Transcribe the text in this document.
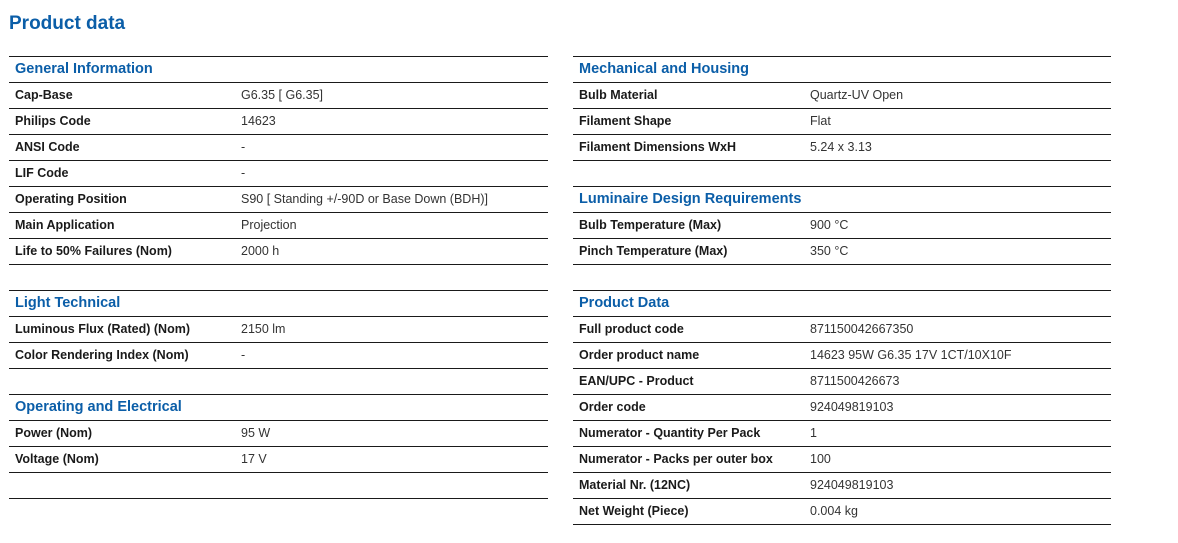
Product data
General Information
Cap-Base	G6.35 [ G6.35]
Philips Code	14623
ANSI Code	-
LIF Code	-
Operating Position	S90 [ Standing +/-90D or Base Down (BDH)]
Main Application	Projection
Life to 50% Failures (Nom)	2000 h
Light Technical
Luminous Flux (Rated) (Nom)	2150 lm
Color Rendering Index (Nom)	-
Operating and Electrical
Power (Nom)	95 W
Voltage (Nom)	17 V
Mechanical and Housing
Bulb Material	Quartz-UV Open
Filament Shape	Flat
Filament Dimensions WxH	5.24 x 3.13
Luminaire Design Requirements
Bulb Temperature (Max)	900 °C
Pinch Temperature (Max)	350 °C
Product Data
Full product code	871150042667350
Order product name	14623 95W G6.35 17V 1CT/10X10F
EAN/UPC - Product	8711500426673
Order code	924049819103
Numerator - Quantity Per Pack	1
Numerator - Packs per outer box	100
Material Nr. (12NC)	924049819103
Net Weight (Piece)	0.004 kg
